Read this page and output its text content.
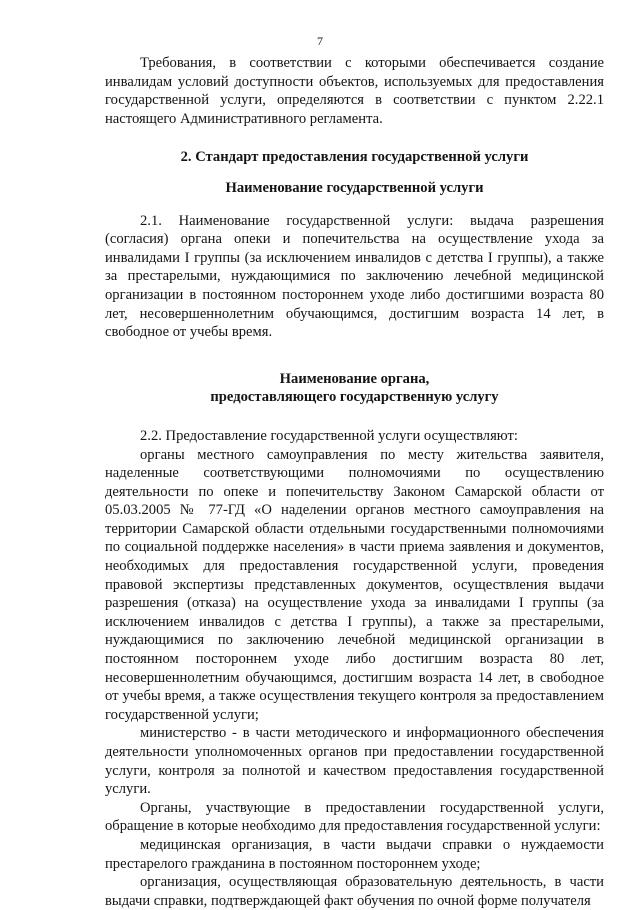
7

Требования, в соответствии с которыми обеспечивается создание инвалидам условий доступности объектов, используемых для предоставления государственной услуги, определяются в соответствии с пунктом 2.22.1 настоящего Административного регламента.

2. Стандарт предоставления государственной услуги
Наименование государственной услуги

2.1. Наименование государственной услуги: выдача разрешения (согласия) органа опеки и попечительства на осуществление ухода за инвалидами I группы (за исключением инвалидов с детства I группы), а также за престарелыми, нуждающимися по заключению лечебной медицинской организации в постоянном постороннем уходе либо достигшими возраста 80 лет, несовершеннолетним обучающимся, достигшим возраста 14 лет, в свободное от учебы время.

Наименование органа,
предоставляющего государственную услугу

2.2. Предоставление государственной услуги осуществляют:

органы местного самоуправления по месту жительства заявителя, наделенные соответствующими полномочиями по осуществлению деятельности по опеке и попечительству Законом Самарской области от 05.03.2005 № 77-ГД «О наделении органов местного самоуправления на территории Самарской области отдельными государственными полномочиями по социальной поддержке населения» в части приема заявления и документов, необходимых для предоставления государственной услуги, проведения правовой экспертизы представленных документов, осуществления выдачи разрешения (отказа) на осуществление ухода за инвалидами I группы (за исключением инвалидов с детства I группы), а также за престарелыми, нуждающимися по заключению лечебной медицинской организации в постоянном постороннем уходе либо достигшим возраста 80 лет, несовершеннолетним обучающимся, достигшим возраста 14 лет, в свободное от учебы время, а также осуществления текущего контроля за предоставлением государственной услуги;

министерство - в части методического и информационного обеспечения деятельности уполномоченных органов при предоставлении государственной услуги, контроля за полнотой и качеством предоставления государственной услуги.

Органы, участвующие в предоставлении государственной услуги, обращение в которые необходимо для предоставления государственной услуги:

медицинская организация, в части выдачи справки о нуждаемости престарелого гражданина в постоянном постороннем уходе;

организация, осуществляющая образовательную деятельность, в части выдачи справки, подтверждающей факт обучения по очной форме получателя
